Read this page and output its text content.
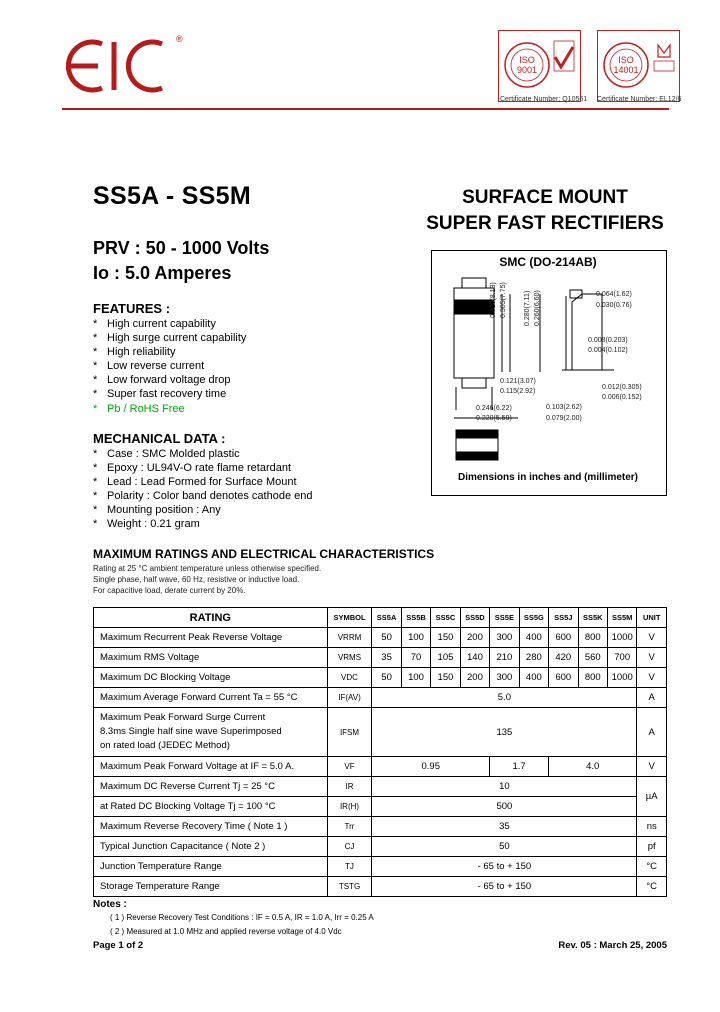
®
ISO
9001
Certificate Number: Q10561
ISO
14001
Certificate Number: EL12/6
SS5A - SS5M	SURFACE MOUNT
SUPER FAST RECTIFIERS
PRV : 50 - 1000 Volts
Io : 5.0 Amperes
FEATURES :
* High current capability
* High surge current capability
* High reliability
* Low reverse current
* Low forward voltage drop
* Super fast recovery time
* Pb / RoHS Free
MECHANICAL DATA :
* Case : SMC Molded plastic
* Epoxy : UL94V-O rate flame retardant
* Lead : Lead Formed for Surface Mount
* Polarity : Color band denotes cathode end
* Mounting position : Any
* Weight : 0.21 gram
SMC (DO-214AB)
0.320(8.13) 0.305(7.75) 0.280(7.11) 0.260(6.60)	0.064(1.62)
0.030(0.76)
0.008(0.203)
0.004(0.102)
0.121(3.07)
0.115(2.92)
0.012(0.305)
0.006(0.152)
0.103(2.62)
0.079(2.00)
0.246(6.22)
0.220(5.59)
Dimensions in inches and (millimeter)
MAXIMUM RATINGS AND ELECTRICAL CHARACTERISTICS
Rating at 25 °C ambient temperature unless otherwise specified.
Single phase, half wave, 60 Hz, resistive or inductive load.
For capacitive load, derate current by 20%.
RATING	SYMBOL	SS5A	SS5B	SS5C	SS5D	SS5E	SS5G	SS5J	SS5K	SS5M	UNIT
Maximum Recurrent Peak Reverse Voltage	VRRM	50	100	150	200	300	400	600	800	1000	V
Maximum RMS Voltage	VRMS	35	70	105	140	210	280	420	560	700	V
Maximum DC Blocking Voltage	VDC	50	100	150	200	300	400	600	800	1000	V
Maximum Average Forward Current Ta = 55 °C	IF(AV)	5.0									A

Maximum Peak Forward Surge Current
8.3ms Single half sine wave Superimposed
on rated load (JEDEC Method)	IFSM	135									A
Maximum Peak Forward Voltage at IF = 5.0 A.	VF	0.95				1.7		4.0			V
Maximum DC Reverse Current Tj = 25 °C	IR	10									µA
at Rated DC Blocking Voltage Tj = 100 °C	IR(H)	500									
Maximum Reverse Recovery Time ( Note 1 )	Trr	35									ns
Typical Junction Capacitance ( Note 2 )	CJ	50									pf
Junction Temperature Range	TJ	- 65 to + 150									°C
Storage Temperature Range	TSTG	- 65 to + 150									°C
Notes :
( 1 ) Reverse Recovery Test Conditions : IF = 0.5 A, IR = 1.0 A, Irr = 0.25 A
( 2 ) Measured at 1.0 MHz and applied reverse voltage of 4.0 Vdc
Page 1 of 2	Rev. 05 : March 25, 2005
